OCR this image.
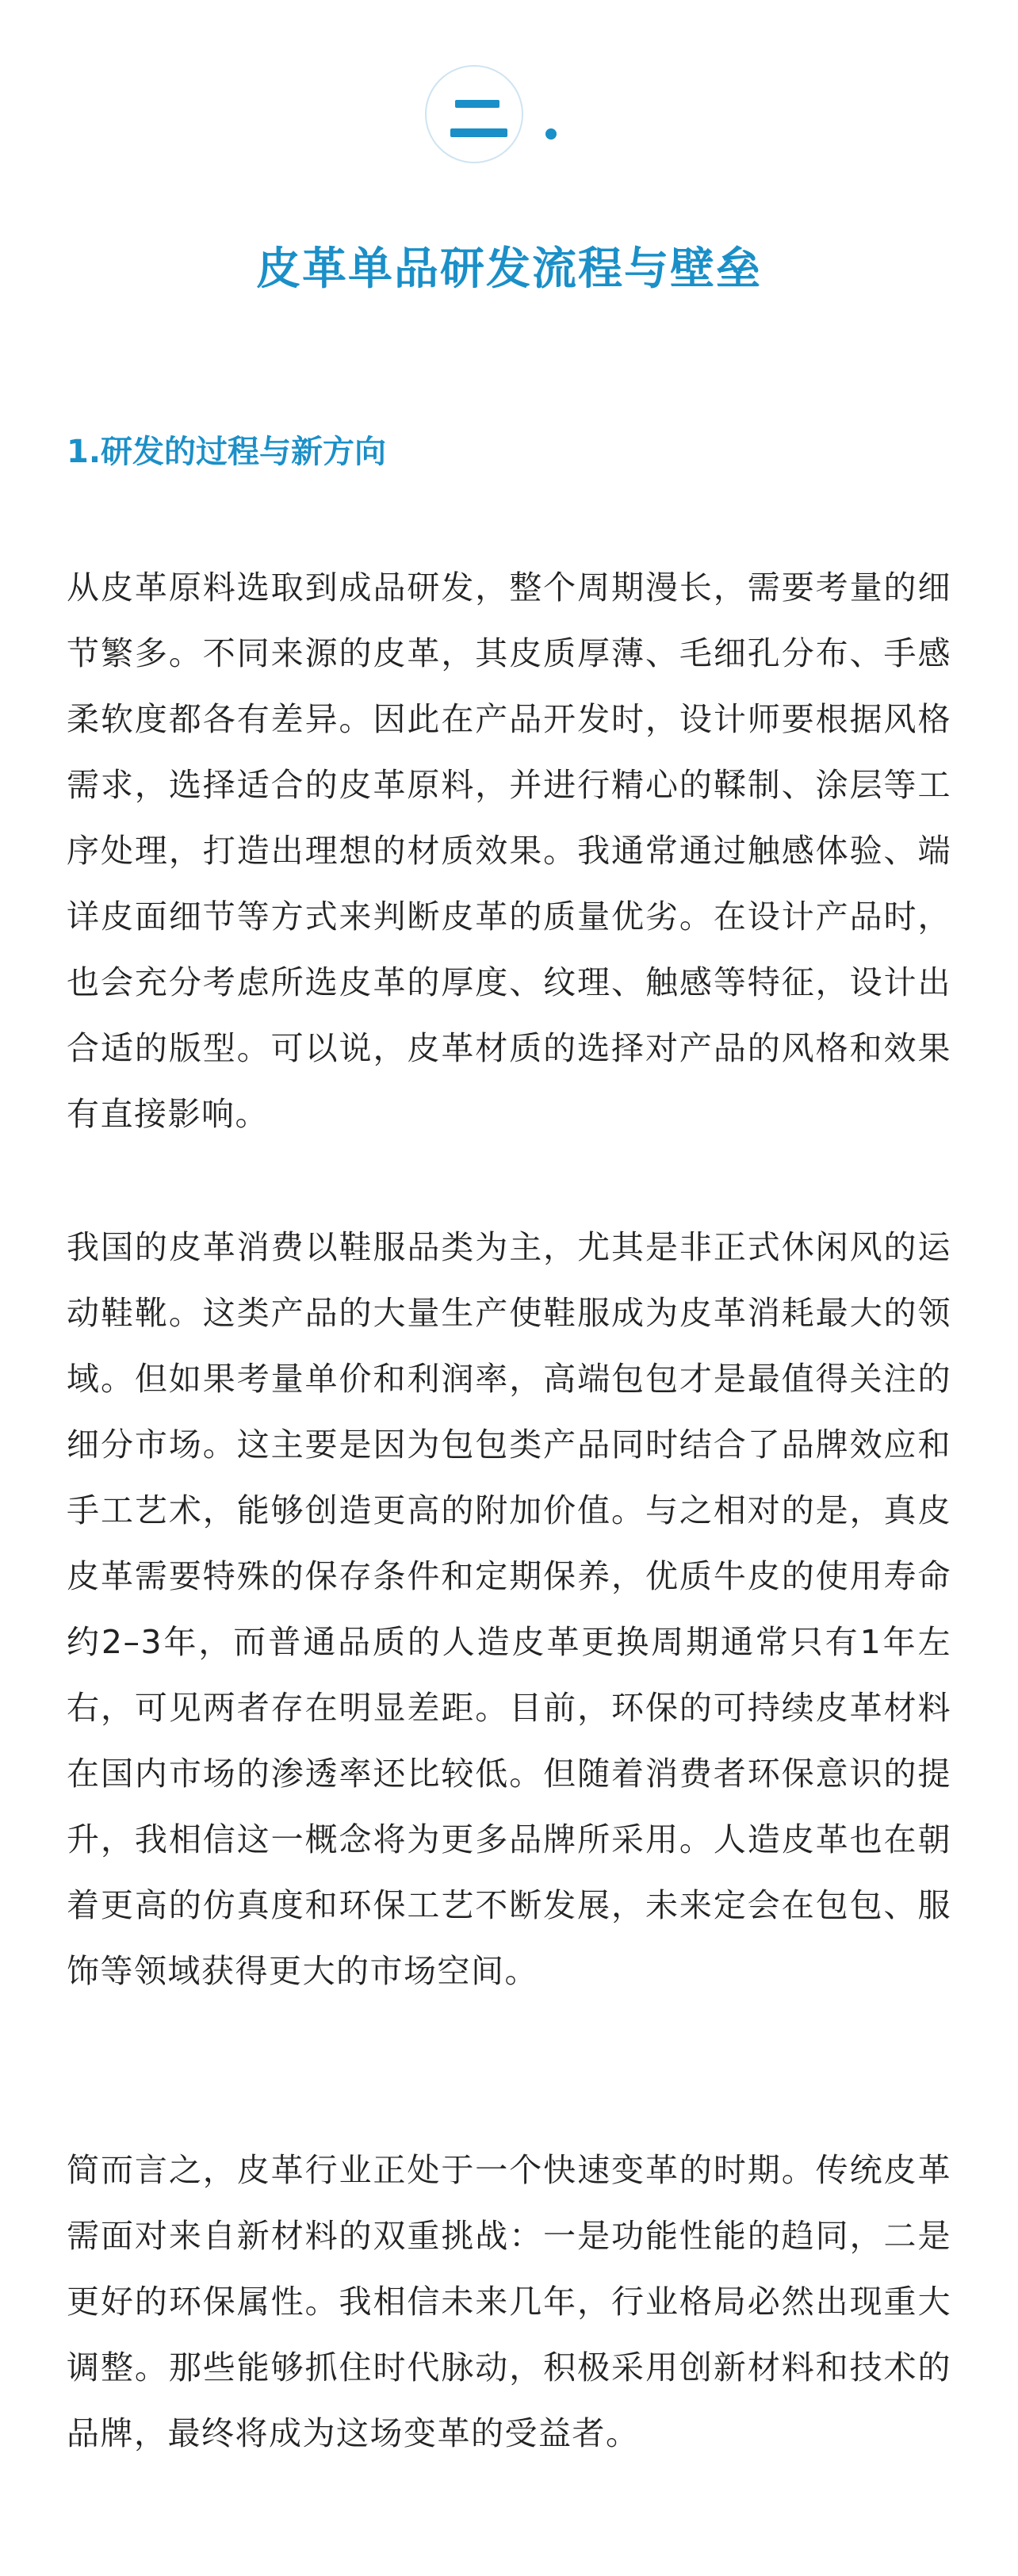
皮革单品研发流程与壁垒
1.研发的过程与新方向

从皮革原料选取到成品研发，整个周期漫长，需要考量的细节繁多。不同来源的皮革，其皮质厚薄、毛细孔分布、手感柔软度都各有差异。因此在产品开发时，设计师要根据风格需求，选择适合的皮革原料，并进行精心的鞣制、涂层等工序处理，打造出理想的材质效果。我通常通过触感体验、端详皮面细节等方式来判断皮革的质量优劣。在设计产品时，也会充分考虑所选皮革的厚度、纹理、触感等特征，设计出合适的版型。可以说，皮革材质的选择对产品的风格和效果有直接影响。

我国的皮革消费以鞋服品类为主，尤其是非正式休闲风的运动鞋靴。这类产品的大量生产使鞋服成为皮革消耗最大的领域。但如果考量单价和利润率，高端包包才是最值得关注的细分市场。这主要是因为包包类产品同时结合了品牌效应和手工艺术，能够创造更高的附加价值。与之相对的是，真皮皮革需要特殊的保存条件和定期保养，优质牛皮的使用寿命约2–3年，而普通品质的人造皮革更换周期通常只有1年左右，可见两者存在明显差距。目前，环保的可持续皮革材料在国内市场的渗透率还比较低。但随着消费者环保意识的提升，我相信这一概念将为更多品牌所采用。人造皮革也在朝着更高的仿真度和环保工艺不断发展，未来定会在包包、服饰等领域获得更大的市场空间。

简而言之，皮革行业正处于一个快速变革的时期。传统皮革需面对来自新材料的双重挑战：一是功能性能的趋同，二是更好的环保属性。我相信未来几年，行业格局必然出现重大调整。那些能够抓住时代脉动，积极采用创新材料和技术的品牌，最终将成为这场变革的受益者。
